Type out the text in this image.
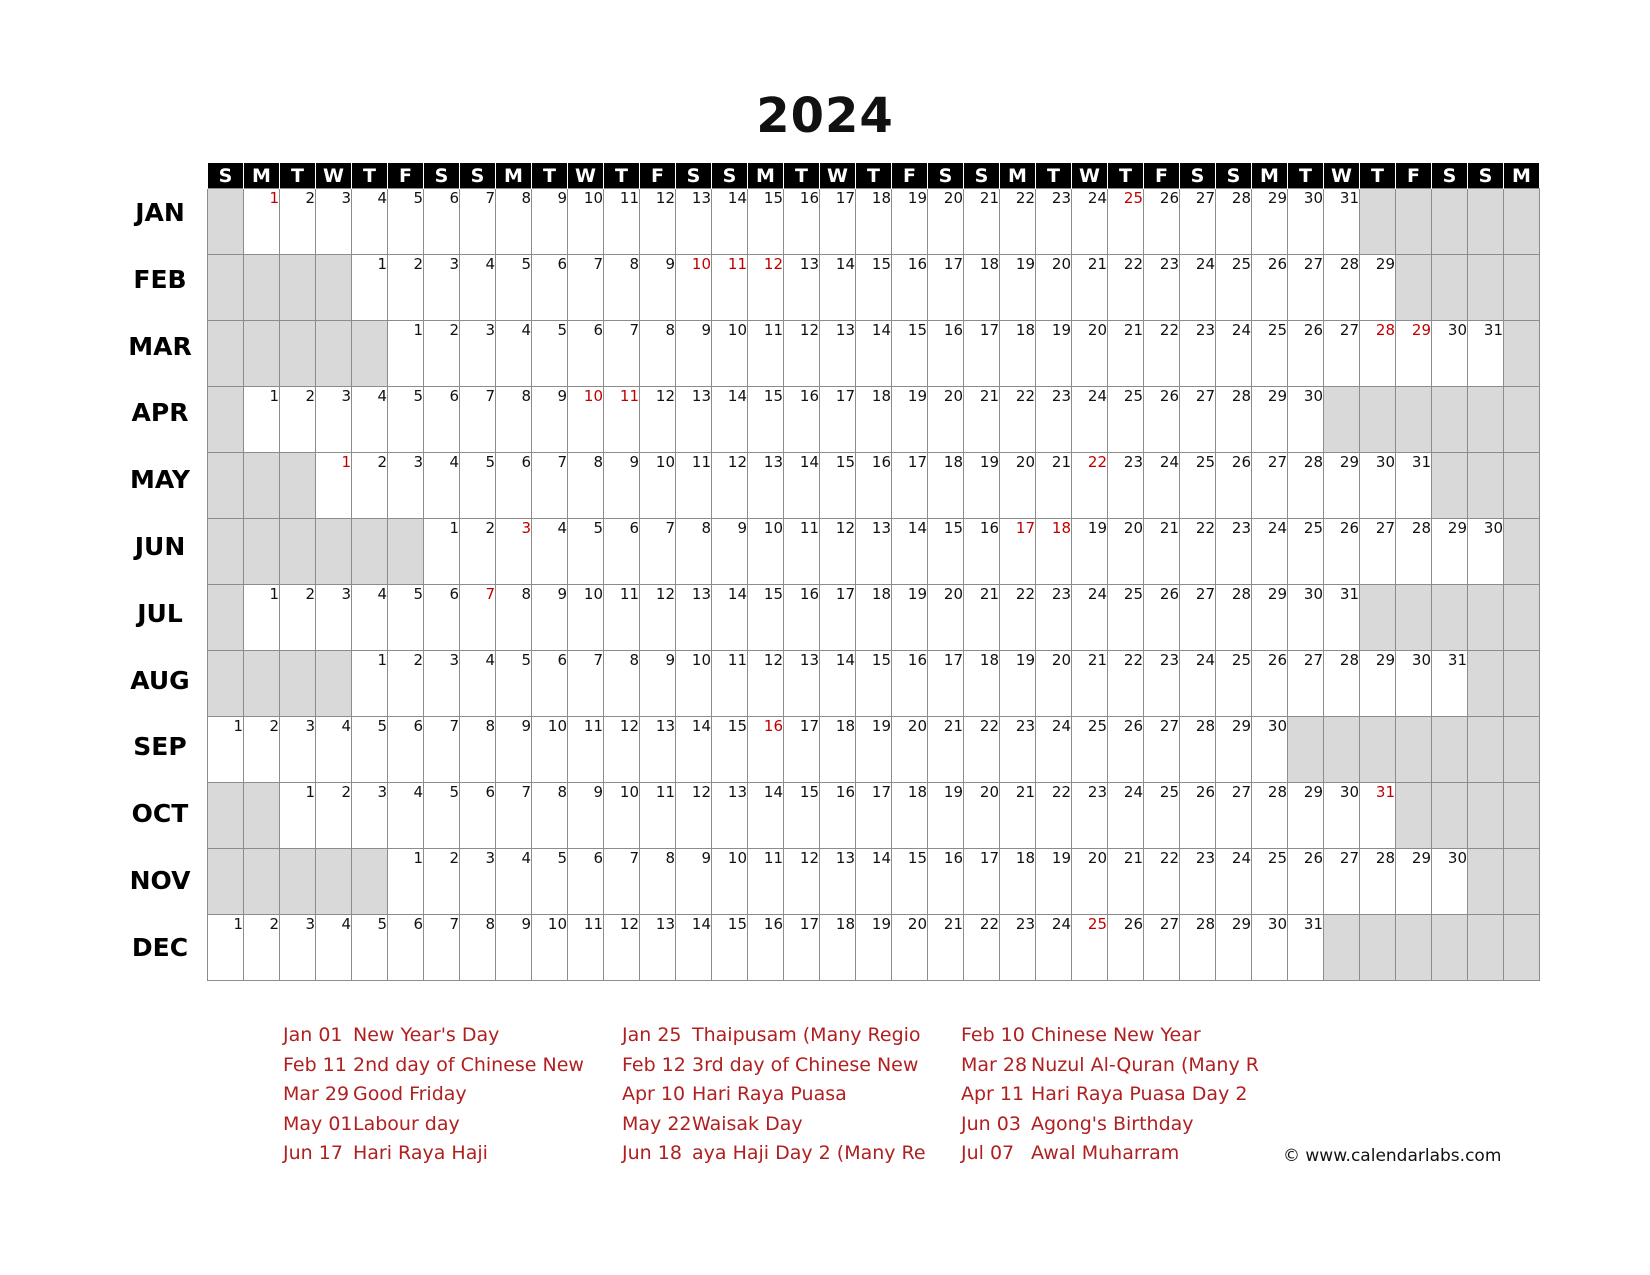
2024
JAN
FEB
MAR
APR
MAY
JUN
JUL
AUG
SEP
OCT
NOV
DEC
S	M	T	W	T	F	S	S	M	T	W	T	F	S	S	M	T	W	T	F	S	S	M	T	W	T	F	S	S	M	T	W	T	F	S	S	M
	1	2	3	4	5	6	7	8	9	10	11	12	13	14	15	16	17	18	19	20	21	22	23	24	25	26	27	28	29	30	31					
				1	2	3	4	5	6	7	8	9	10	11	12	13	14	15	16	17	18	19	20	21	22	23	24	25	26	27	28	29				
					1	2	3	4	5	6	7	8	9	10	11	12	13	14	15	16	17	18	19	20	21	22	23	24	25	26	27	28	29	30	31	
	1	2	3	4	5	6	7	8	9	10	11	12	13	14	15	16	17	18	19	20	21	22	23	24	25	26	27	28	29	30						
			1	2	3	4	5	6	7	8	9	10	11	12	13	14	15	16	17	18	19	20	21	22	23	24	25	26	27	28	29	30	31			
						1	2	3	4	5	6	7	8	9	10	11	12	13	14	15	16	17	18	19	20	21	22	23	24	25	26	27	28	29	30	
	1	2	3	4	5	6	7	8	9	10	11	12	13	14	15	16	17	18	19	20	21	22	23	24	25	26	27	28	29	30	31					
				1	2	3	4	5	6	7	8	9	10	11	12	13	14	15	16	17	18	19	20	21	22	23	24	25	26	27	28	29	30	31		
1	2	3	4	5	6	7	8	9	10	11	12	13	14	15	16	17	18	19	20	21	22	23	24	25	26	27	28	29	30							
		1	2	3	4	5	6	7	8	9	10	11	12	13	14	15	16	17	18	19	20	21	22	23	24	25	26	27	28	29	30	31				
					1	2	3	4	5	6	7	8	9	10	11	12	13	14	15	16	17	18	19	20	21	22	23	24	25	26	27	28	29	30		
1	2	3	4	5	6	7	8	9	10	11	12	13	14	15	16	17	18	19	20	21	22	23	24	25	26	27	28	29	30	31						
Jan 01 New Year's Day
Feb 11 2nd day of Chinese New
Mar 29 Good Friday
May 01Labour day
Jun 17 Hari Raya Haji
Jan 25 Thaipusam (Many Regio
Feb 12 3rd day of Chinese New
Apr 10 Hari Raya Puasa
May 22Waisak Day
Jun 18 aya Haji Day 2 (Many Re
Feb 10 Chinese New Year
Mar 28 Nuzul Al-Quran (Many R
Apr 11 Hari Raya Puasa Day 2
Jun 03 Agong's Birthday
Jul 07 Awal Muharram	© www.calendarlabs.com
